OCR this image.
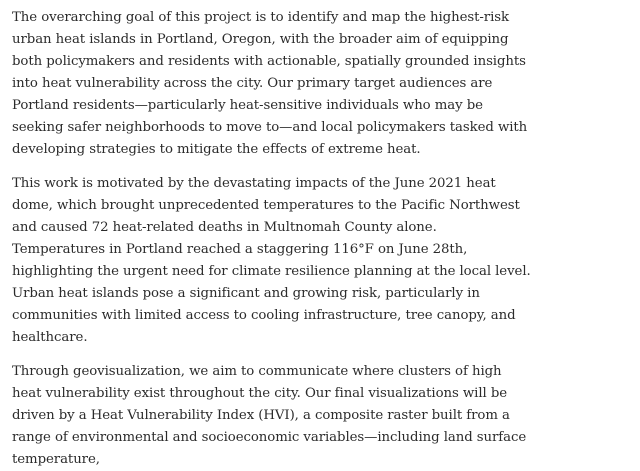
The overarching goal of this project is to identify and map the highest-risk urban heat islands in Portland, Oregon, with the broader aim of equipping both policymakers and residents with actionable, spatially grounded insights into heat vulnerability across the city. Our primary target audiences are Portland residents—particularly heat-sensitive individuals who may be seeking safer neighborhoods to move to—and local policymakers tasked with developing strategies to mitigate the effects of extreme heat.

This work is motivated by the devastating impacts of the June 2021 heat dome, which brought unprecedented temperatures to the Pacific Northwest and caused 72 heat-related deaths in Multnomah County alone. Temperatures in Portland reached a staggering 116°F on June 28th, highlighting the urgent need for climate resilience planning at the local level. Urban heat islands pose a significant and growing risk, particularly in communities with limited access to cooling infrastructure, tree canopy, and healthcare.

Through geovisualization, we aim to communicate where clusters of high heat vulnerability exist throughout the city. Our final visualizations will be driven by a Heat Vulnerability Index (HVI), a composite raster built from a range of environmental and socioeconomic variables—including land surface temperature,
